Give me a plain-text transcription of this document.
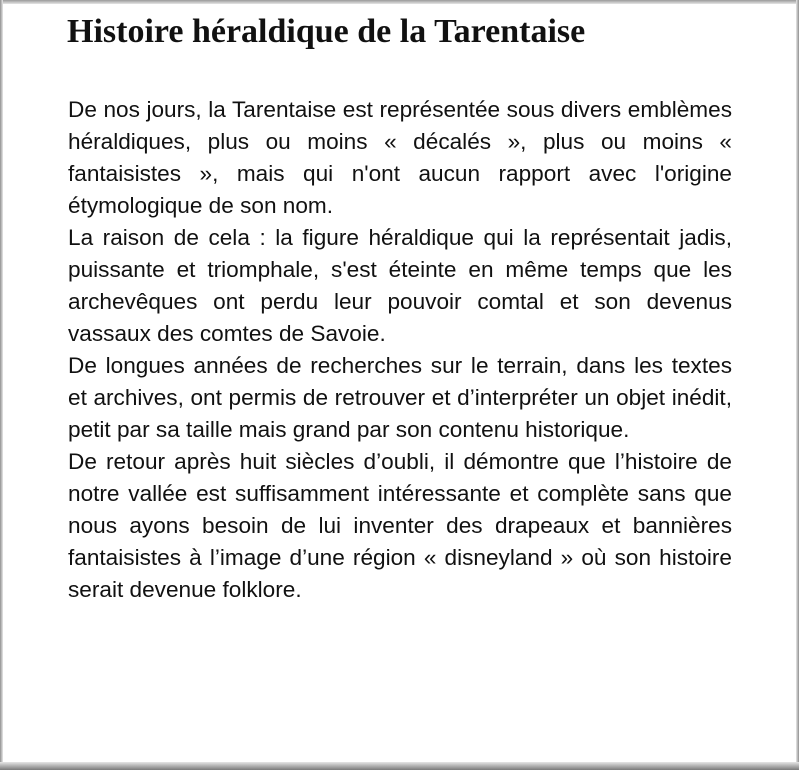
Histoire héraldique de la Tarentaise

De nos jours, la Tarentaise est représentée sous divers emblèmes héraldiques, plus ou moins « décalés », plus ou moins « fantaisistes », mais qui n'ont aucun rapport avec l'origine étymologique de son nom.

La raison de cela : la figure héraldique qui la représentait jadis, puissante et triomphale, s'est éteinte en même temps que les archevêques ont perdu leur pouvoir comtal et son devenus vassaux des comtes de Savoie.

De longues années de recherches sur le terrain, dans les textes et archives, ont permis de retrouver et d’interpréter un objet inédit, petit par sa taille mais grand par son contenu historique.

De retour après huit siècles d’oubli, il démontre que l’histoire de notre vallée est suffisamment intéressante et complète sans que nous ayons besoin de lui inventer des drapeaux et bannières fantaisistes à l’image d’une région « disneyland » où son histoire serait devenue folklore.
